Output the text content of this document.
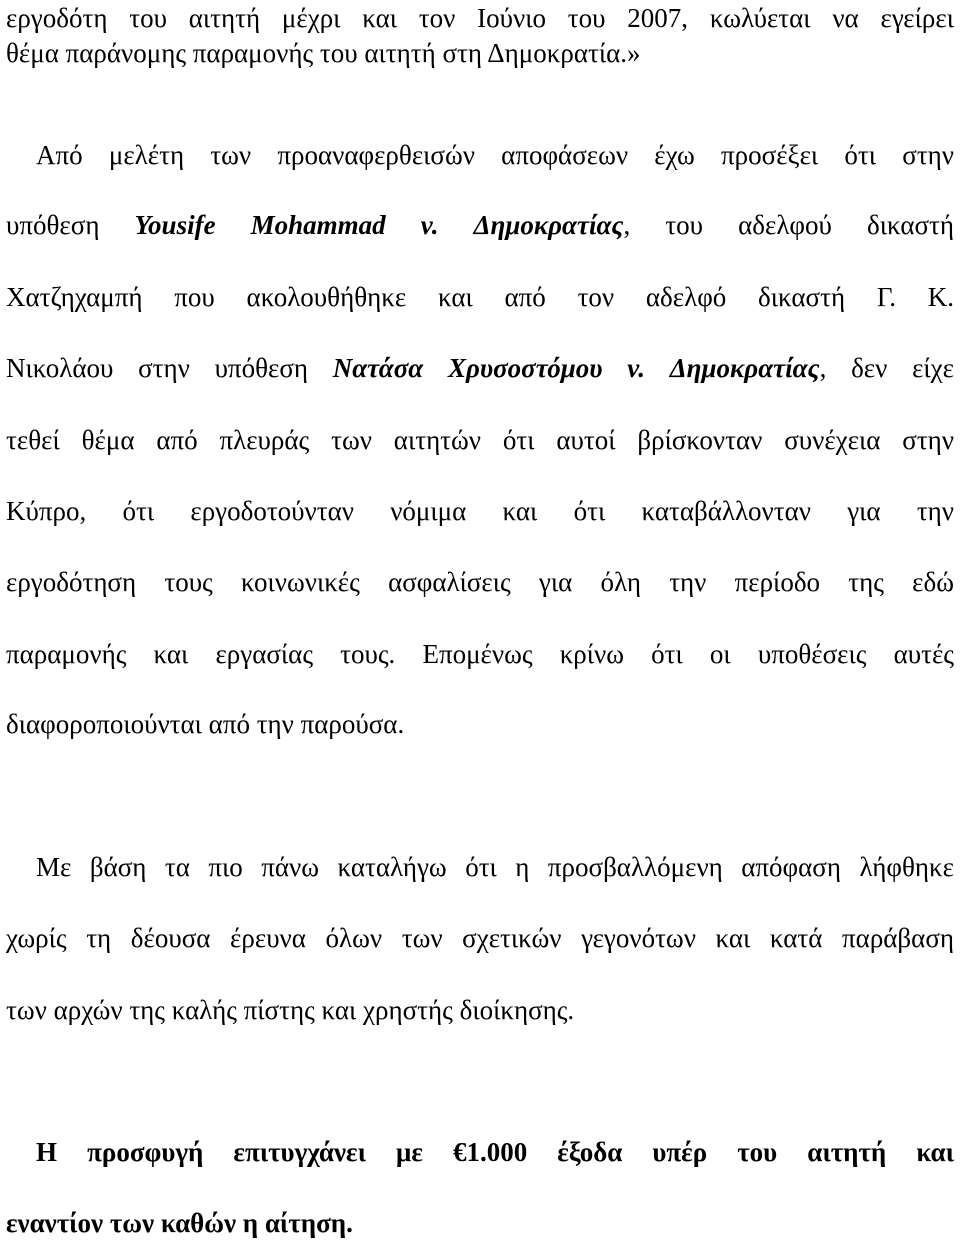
εργοδότη του αιτητή μέχρι και τον Ιούνιο του 2007, κωλύεται να εγείρει
θέμα παράνομης παραμονής του αιτητή στη Δημοκρατία.»
Από μελέτη των προαναφερθεισών αποφάσεων έχω προσέξει ότι στην
υπόθεση Yousife Mohammad v. Δημοκρατίας, του αδελφού δικαστή
Χατζηχαμπή που ακολουθήθηκε και από τον αδελφό δικαστή Γ. Κ.
Νικολάου στην υπόθεση Νατάσα Χρυσοστόμου v. Δημοκρατίας, δεν είχε
τεθεί θέμα από πλευράς των αιτητών ότι αυτοί βρίσκονταν συνέχεια στην
Κύπρο, ότι εργοδοτούνταν νόμιμα και ότι καταβάλλονταν για την
εργοδότηση τους κοινωνικές ασφαλίσεις για όλη την περίοδο της εδώ
παραμονής και εργασίας τους. Επομένως κρίνω ότι οι υποθέσεις αυτές
διαφοροποιούνται από την παρούσα.
Με βάση τα πιο πάνω καταλήγω ότι η προσβαλλόμενη απόφαση λήφθηκε
χωρίς τη δέουσα έρευνα όλων των σχετικών γεγονότων και κατά παράβαση
των αρχών της καλής πίστης και χρηστής διοίκησης.
Η προσφυγή επιτυγχάνει με €1.000 έξοδα υπέρ του αιτητή και
εναντίον των καθών η αίτηση.
